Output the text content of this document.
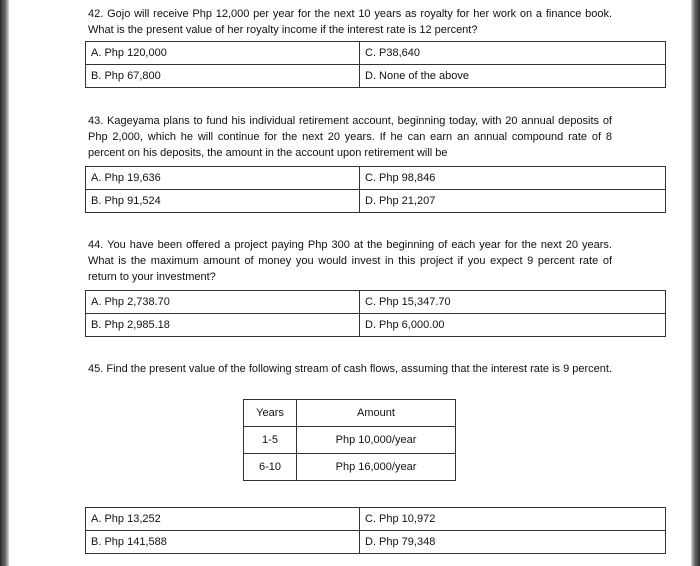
42. Gojo will receive Php 12,000 per year for the next 10 years as royalty for her work on a finance book. What is the present value of her royalty income if the interest rate is 12 percent?

A. Php 120,000	C. P38,640
B. Php 67,800	D. None of the above

43. Kageyama plans to fund his individual retirement account, beginning today, with 20 annual deposits of Php 2,000, which he will continue for the next 20 years. If he can earn an annual compound rate of 8 percent on his deposits, the amount in the account upon retirement will be

A. Php 19,636	C. Php 98,846
B. Php 91,524	D. Php 21,207

44. You have been offered a project paying Php 300 at the beginning of each year for the next 20 years. What is the maximum amount of money you would invest in this project if you expect 9 percent rate of return to your investment?

A. Php 2,738.70	C. Php 15,347.70
B. Php 2,985.18	D. Php 6,000.00

45. Find the present value of the following stream of cash flows, assuming that the interest rate is 9 percent.

Years	Amount
1-5	Php 10,000/year
6-10	Php 16,000/year
A. Php 13,252	C. Php 10,972
B. Php 141,588	D. Php 79,348
